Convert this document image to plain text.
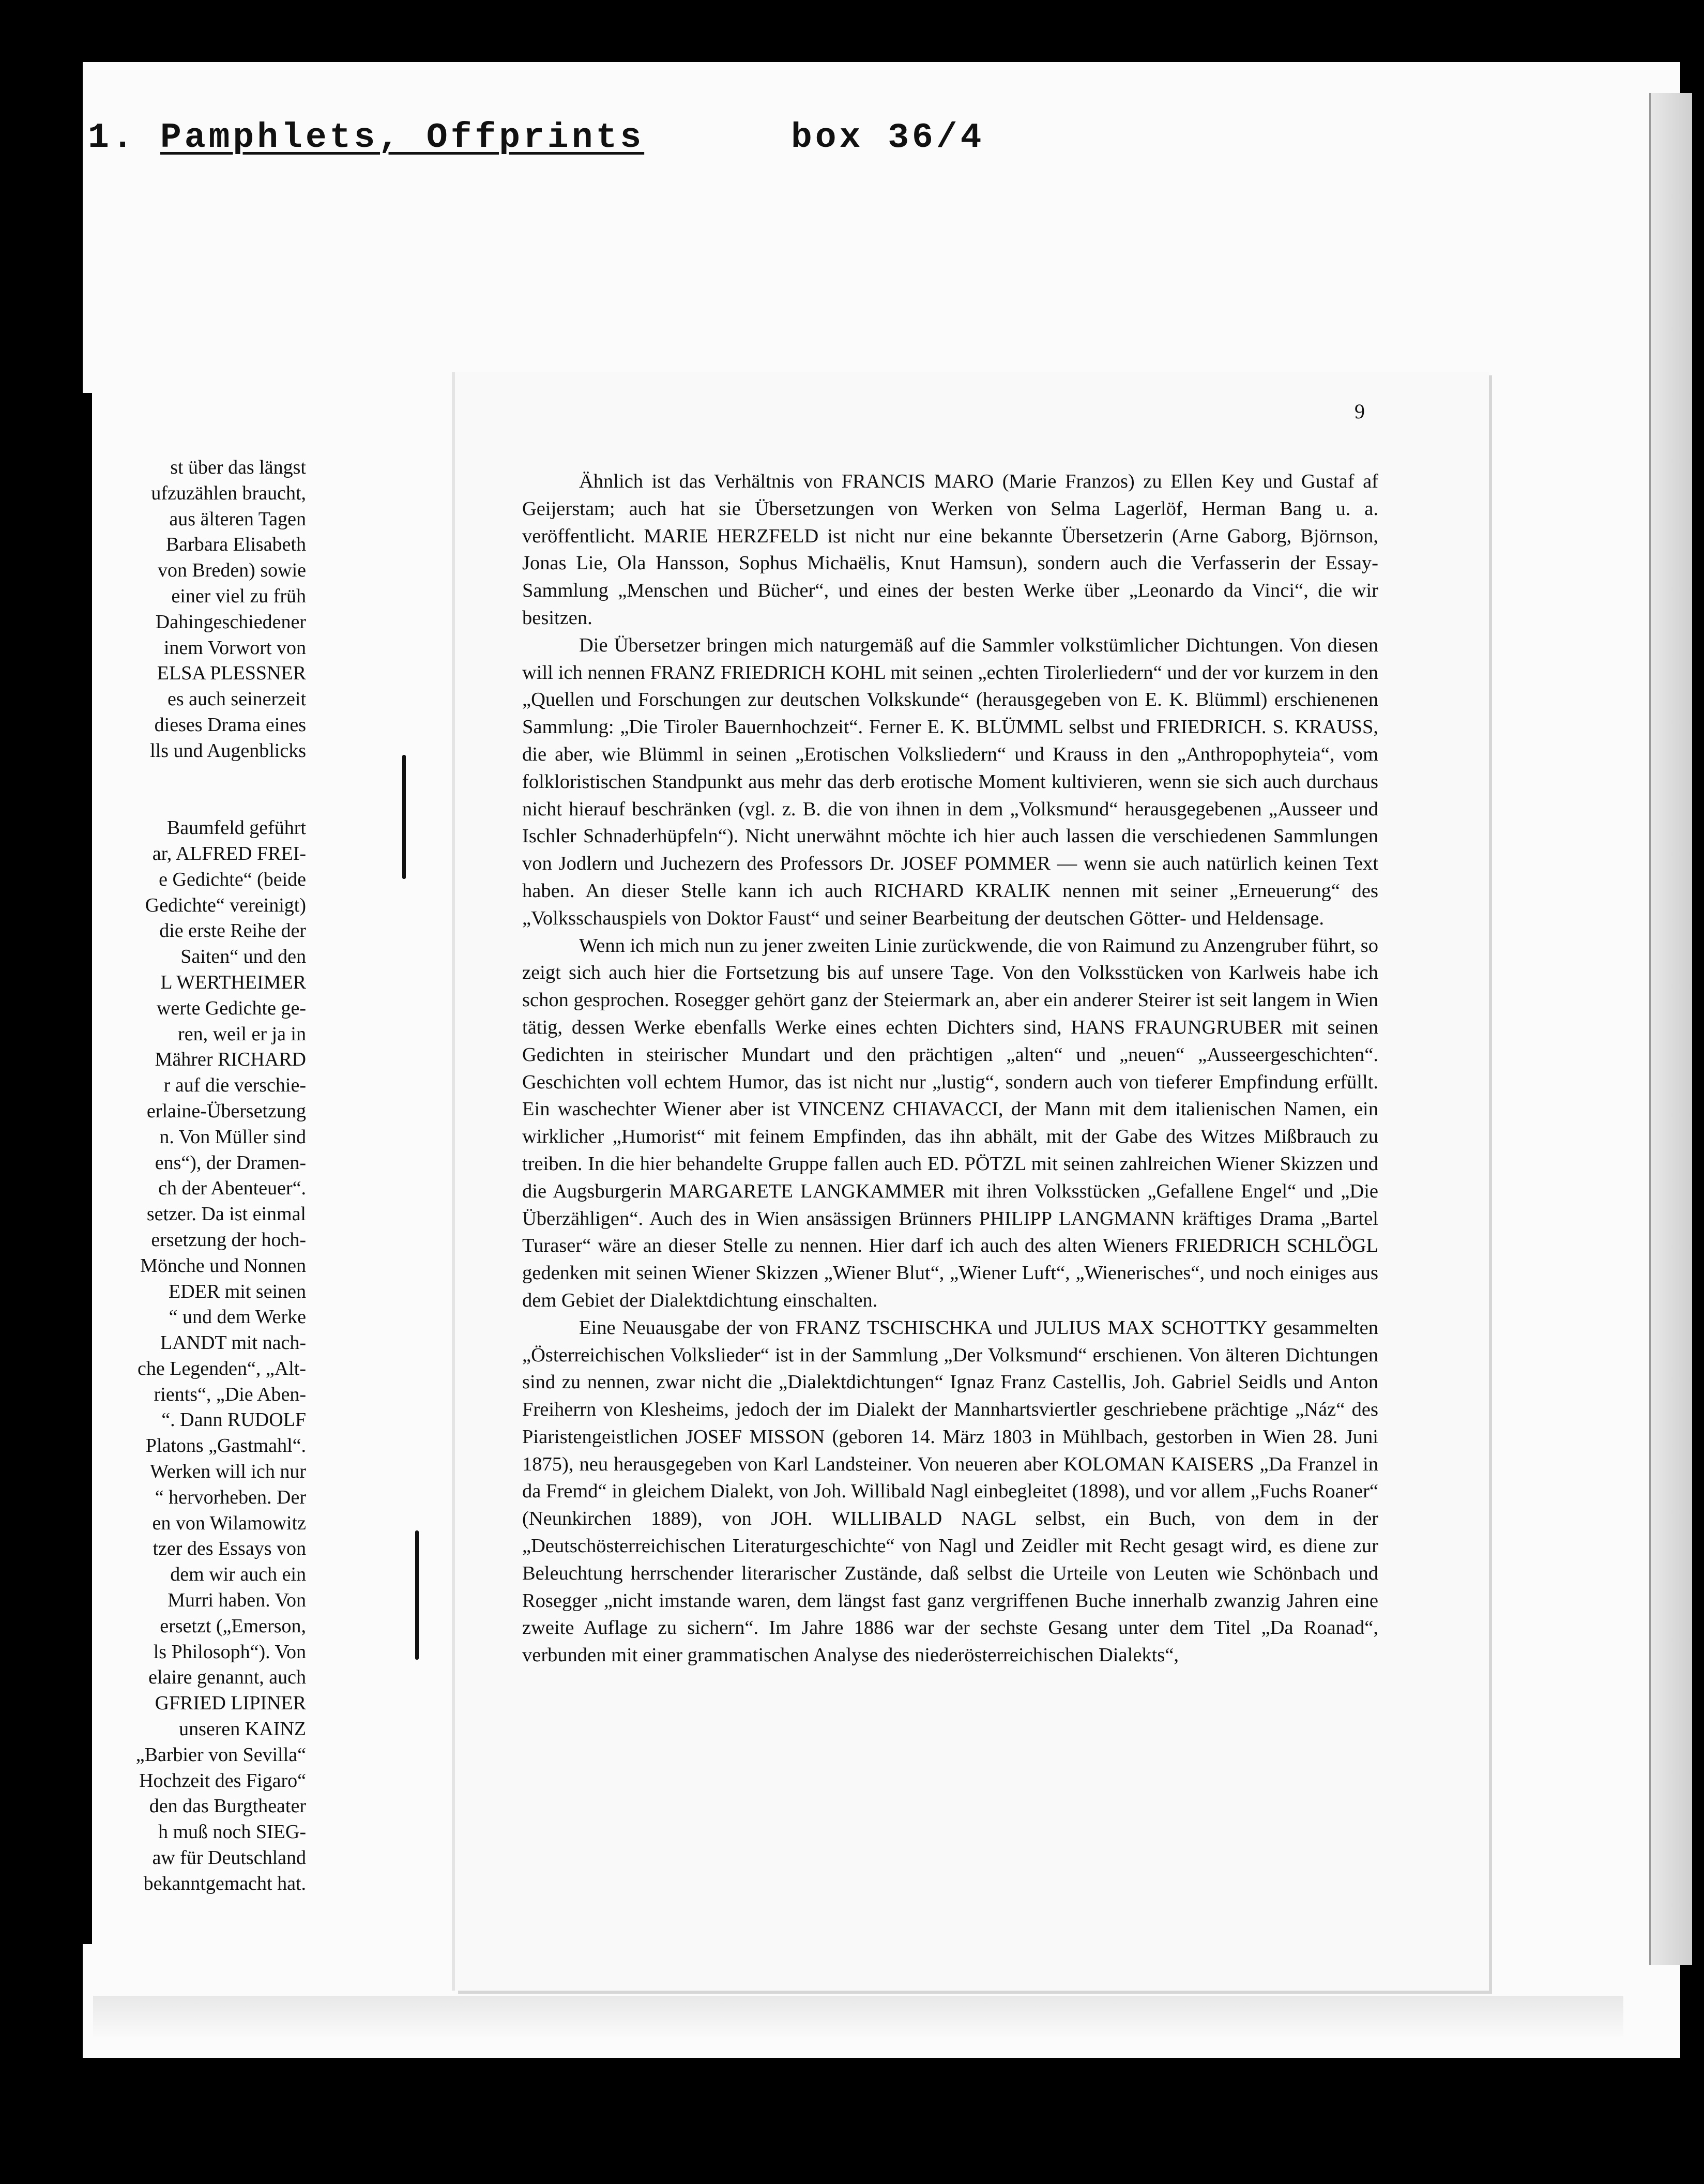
1. Pamphlets, Offprints	box 36/4
st über das längst
ufzuzählen braucht,
aus älteren Tagen
Barbara Elisabeth
von Breden) sowie
einer viel zu früh
Dahingeschiedener
inem Vorwort von
ELSA PLESSNER
es auch seinerzeit
dieses Drama eines
lls und Augenblicks
Baumfeld geführt
ar, ALFRED FREI-
e Gedichte“ (beide
Gedichte“ vereinigt)
die erste Reihe der
Saiten“ und den
L WERTHEIMER
werte Gedichte ge-
ren, weil er ja in
Mährer RICHARD
r auf die verschie-
erlaine-Übersetzung
n. Von Müller sind
ens“), der Dramen-
ch der Abenteuer“.
setzer. Da ist einmal
ersetzung der hoch-
Mönche und Nonnen
EDER mit seinen
“ und dem Werke
LANDT mit nach-
che Legenden“, „Alt-
rients“, „Die Aben-
“. Dann RUDOLF
Platons „Gastmahl“.
Werken will ich nur
“ hervorheben. Der
en von Wilamowitz
tzer des Essays von
dem wir auch ein
Murri haben. Von
ersetzt („Emerson,
ls Philosoph“). Von
elaire genannt, auch
GFRIED LIPINER
unseren KAINZ
„Barbier von Sevilla“
Hochzeit des Figaro“
den das Burgtheater
h muß noch SIEG-
aw für Deutschland
bekanntgemacht hat.
9

Ähnlich ist das Verhältnis von FRANCIS MARO (Marie Franzos) zu Ellen Key und Gustaf af Geijerstam; auch hat sie Übersetzungen von Werken von Selma Lagerlöf, Herman Bang u. a. veröffentlicht. MARIE HERZFELD ist nicht nur eine bekannte Übersetzerin (Arne Gaborg, Björnson, Jonas Lie, Ola Hansson, Sophus Michaëlis, Knut Hamsun), sondern auch die Verfasserin der Essay-Sammlung „Menschen und Bücher“, und eines der besten Werke über „Leonardo da Vinci“, die wir besitzen.

Die Übersetzer bringen mich naturgemäß auf die Sammler volkstümlicher Dichtungen. Von diesen will ich nennen FRANZ FRIEDRICH KOHL mit seinen „echten Tirolerliedern“ und der vor kurzem in den „Quellen und Forschungen zur deutschen Volkskunde“ (herausgegeben von E. K. Blümml) erschienenen Sammlung: „Die Tiroler Bauernhochzeit“. Ferner E. K. BLÜMML selbst und FRIEDRICH. S. KRAUSS, die aber, wie Blümml in seinen „Erotischen Volksliedern“ und Krauss in den „Anthropophyteia“, vom folkloristischen Standpunkt aus mehr das derb erotische Moment kultivieren, wenn sie sich auch durchaus nicht hierauf beschränken (vgl. z. B. die von ihnen in dem „Volksmund“ herausgegebenen „Ausseer und Ischler Schnaderhüpfeln“). Nicht unerwähnt möchte ich hier auch lassen die verschiedenen Sammlungen von Jodlern und Juchezern des Professors Dr. JOSEF POMMER — wenn sie auch natürlich keinen Text haben. An dieser Stelle kann ich auch RICHARD KRALIK nennen mit seiner „Erneuerung“ des „Volksschauspiels von Doktor Faust“ und seiner Bearbeitung der deutschen Götter- und Heldensage.

Wenn ich mich nun zu jener zweiten Linie zurückwende, die von Raimund zu Anzengruber führt, so zeigt sich auch hier die Fortsetzung bis auf unsere Tage. Von den Volksstücken von Karlweis habe ich schon gesprochen. Rosegger gehört ganz der Steiermark an, aber ein anderer Steirer ist seit langem in Wien tätig, dessen Werke ebenfalls Werke eines echten Dichters sind, HANS FRAUNGRUBER mit seinen Gedichten in steirischer Mundart und den prächtigen „alten“ und „neuen“ „Ausseergeschichten“. Geschichten voll echtem Humor, das ist nicht nur „lustig“, sondern auch von tieferer Empfindung erfüllt. Ein waschechter Wiener aber ist VINCENZ CHIAVACCI, der Mann mit dem italienischen Namen, ein wirklicher „Humorist“ mit feinem Empfinden, das ihn abhält, mit der Gabe des Witzes Mißbrauch zu treiben. In die hier behandelte Gruppe fallen auch ED. PÖTZL mit seinen zahlreichen Wiener Skizzen und die Augsburgerin MARGARETE LANGKAMMER mit ihren Volksstücken „Gefallene Engel“ und „Die Überzähligen“. Auch des in Wien ansässigen Brünners PHILIPP LANGMANN kräftiges Drama „Bartel Turaser“ wäre an dieser Stelle zu nennen. Hier darf ich auch des alten Wieners FRIEDRICH SCHLÖGL gedenken mit seinen Wiener Skizzen „Wiener Blut“, „Wiener Luft“, „Wienerisches“, und noch einiges aus dem Gebiet der Dialektdichtung einschalten.

Eine Neuausgabe der von FRANZ TSCHISCHKA und JULIUS MAX SCHOTTKY gesammelten „Österreichischen Volkslieder“ ist in der Sammlung „Der Volksmund“ erschienen. Von älteren Dichtungen sind zu nennen, zwar nicht die „Dialektdichtungen“ Ignaz Franz Castellis, Joh. Gabriel Seidls und Anton Freiherrn von Klesheims, jedoch der im Dialekt der Mannhartsviertler geschriebene prächtige „Náz“ des Piaristengeistlichen JOSEF MISSON (geboren 14. März 1803 in Mühlbach, gestorben in Wien 28. Juni 1875), neu herausgegeben von Karl Landsteiner. Von neueren aber KOLOMAN KAISERS „Da Franzel in da Fremd“ in gleichem Dialekt, von Joh. Willibald Nagl einbegleitet (1898), und vor allem „Fuchs Roaner“ (Neunkirchen 1889), von JOH. WILLIBALD NAGL selbst, ein Buch, von dem in der „Deutschösterreichischen Literaturgeschichte“ von Nagl und Zeidler mit Recht gesagt wird, es diene zur Beleuchtung herrschender literarischer Zustände, daß selbst die Urteile von Leuten wie Schönbach und Rosegger „nicht imstande waren, dem längst fast ganz vergriffenen Buche innerhalb zwanzig Jahren eine zweite Auflage zu sichern“. Im Jahre 1886 war der sechste Gesang unter dem Titel „Da Roanad“, verbunden mit einer grammatischen Analyse des niederösterreichischen Dialekts“,
